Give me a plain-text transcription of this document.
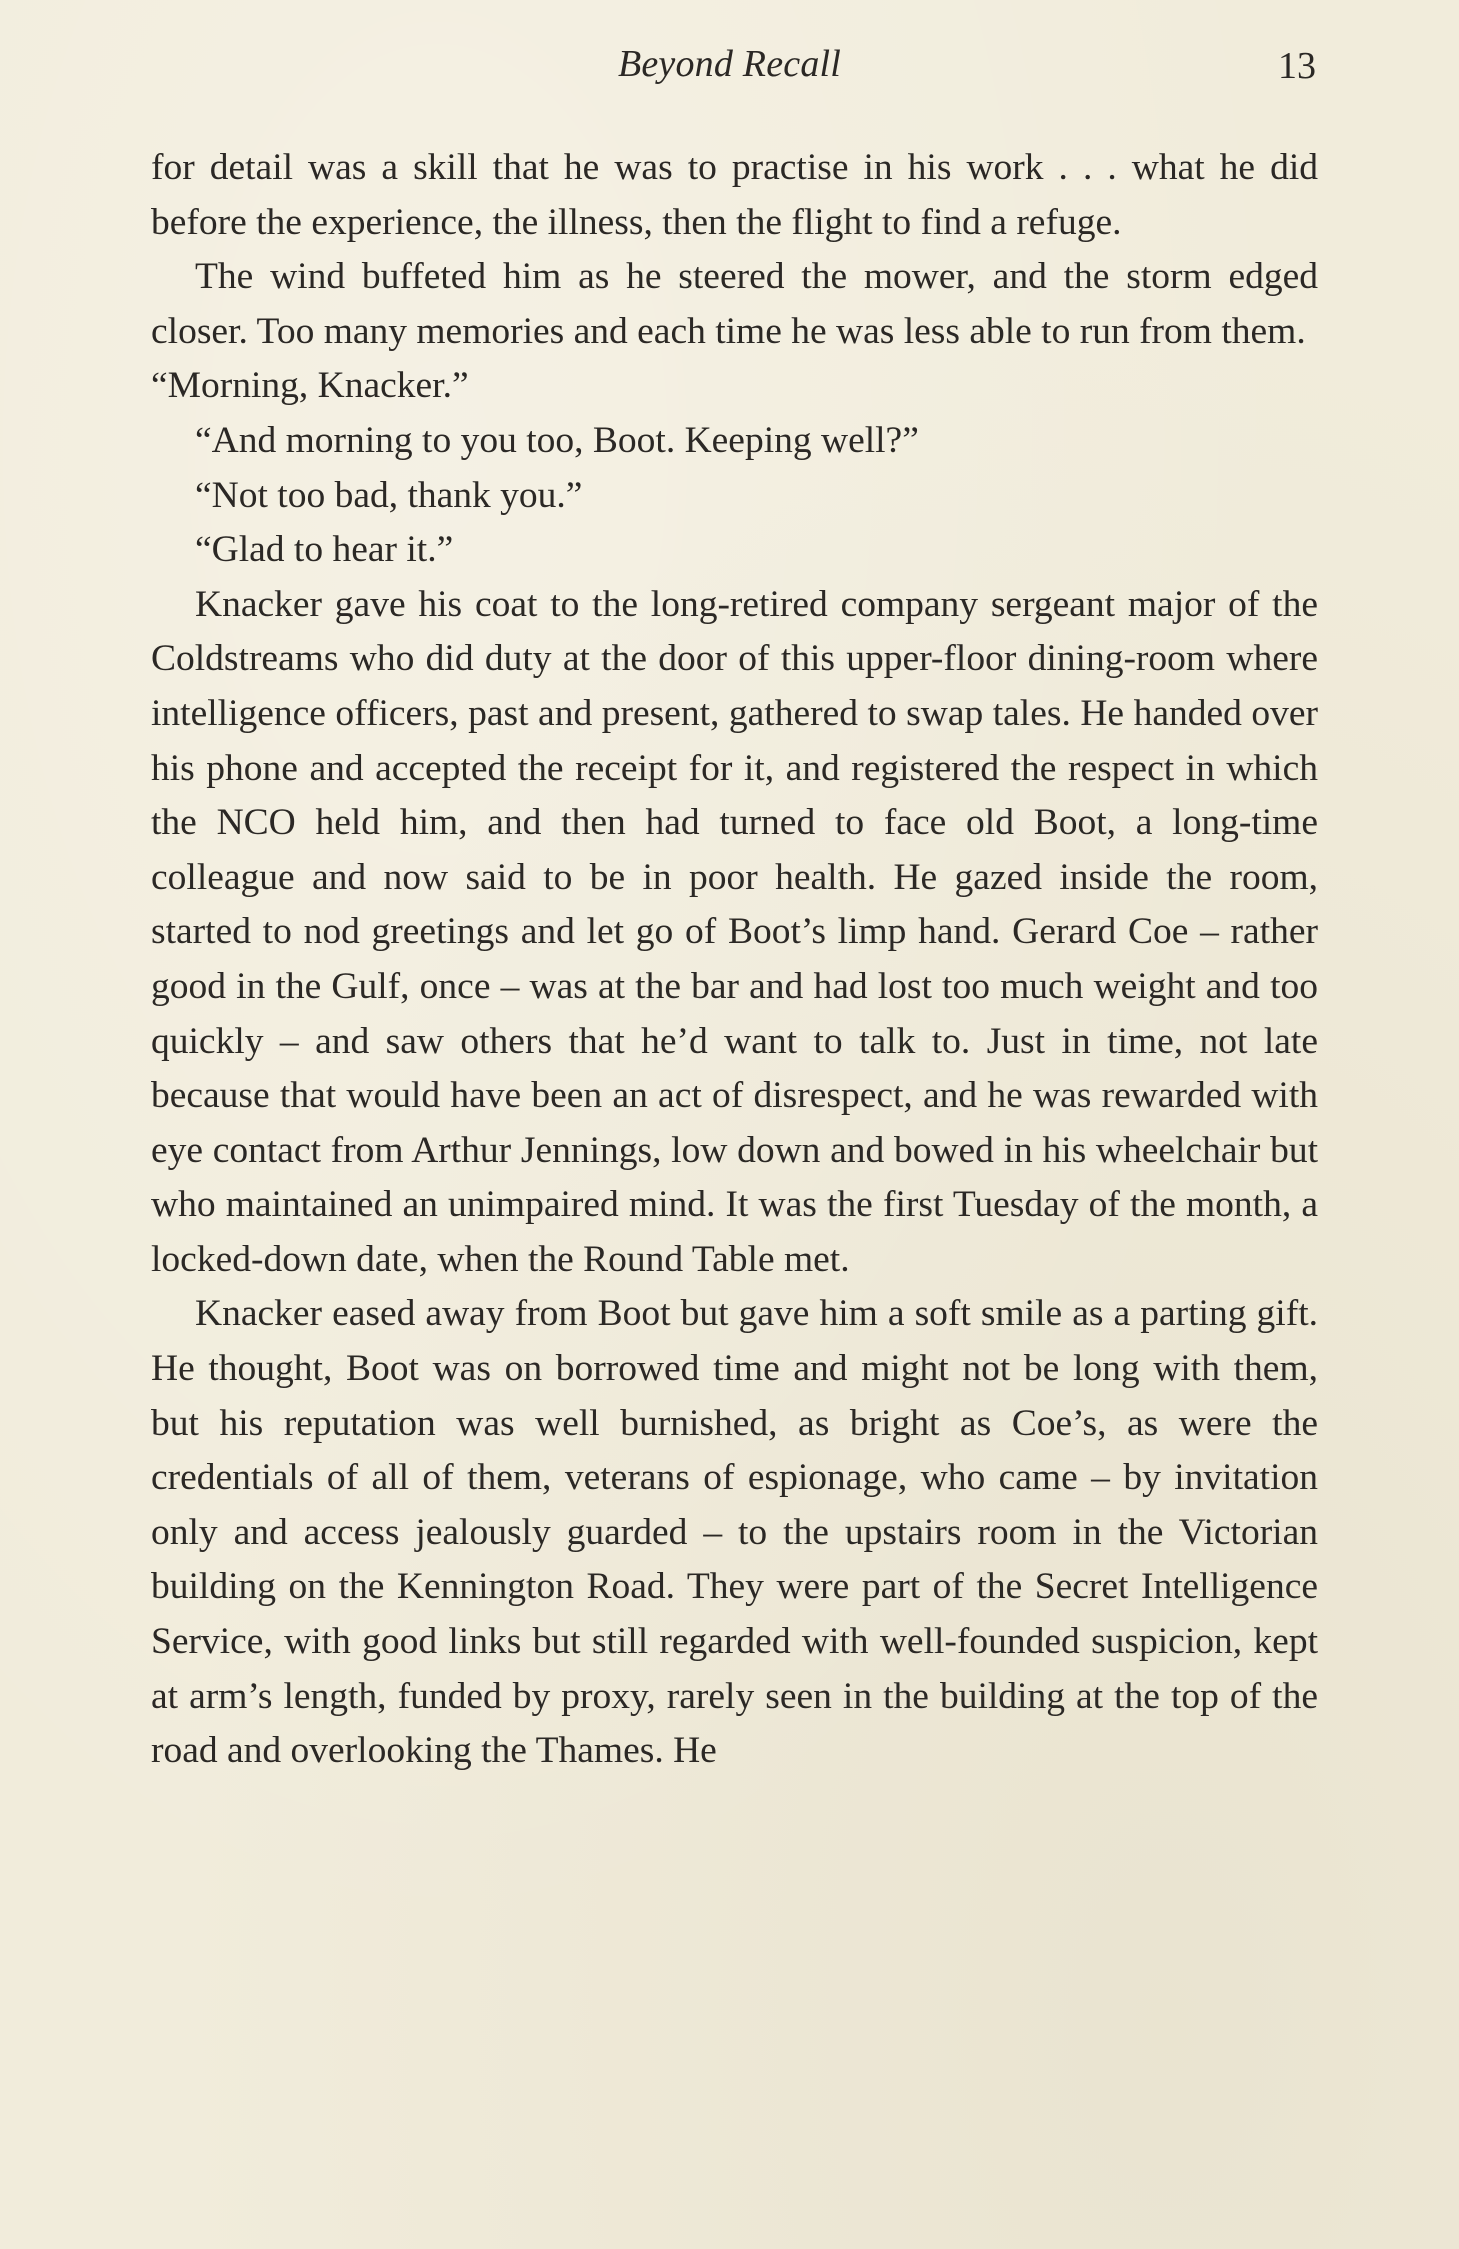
Beyond Recall	13

for detail was a skill that he was to practise in his work . . . what he did before the experience, the illness, then the flight to find a refuge.

The wind buffeted him as he steered the mower, and the storm edged closer. Too many memories and each time he was less able to run from them.

“Morning, Knacker.”

“And morning to you too, Boot. Keeping well?”

“Not too bad, thank you.”

“Glad to hear it.”

Knacker gave his coat to the long-retired company sergeant major of the Coldstreams who did duty at the door of this upper-floor dining-room where intelligence officers, past and present, gathered to swap tales. He handed over his phone and accepted the receipt for it, and registered the respect in which the NCO held him, and then had turned to face old Boot, a long-time colleague and now said to be in poor health. He gazed inside the room, started to nod greetings and let go of Boot’s limp hand. Gerard Coe – rather good in the Gulf, once – was at the bar and had lost too much weight and too quickly – and saw others that he’d want to talk to. Just in time, not late because that would have been an act of disrespect, and he was rewarded with eye contact from Arthur Jennings, low down and bowed in his wheelchair but who maintained an unimpaired mind. It was the first Tuesday of the month, a locked-down date, when the Round Table met.

Knacker eased away from Boot but gave him a soft smile as a parting gift. He thought, Boot was on borrowed time and might not be long with them, but his reputation was well burnished, as bright as Coe’s, as were the credentials of all of them, veterans of espionage, who came – by invitation only and access jealously guarded – to the upstairs room in the Victorian building on the Kennington Road. They were part of the Secret Intelligence Service, with good links but still regarded with well-founded suspicion, kept at arm’s length, funded by proxy, rarely seen in the building at the top of the road and overlooking the Thames. He
